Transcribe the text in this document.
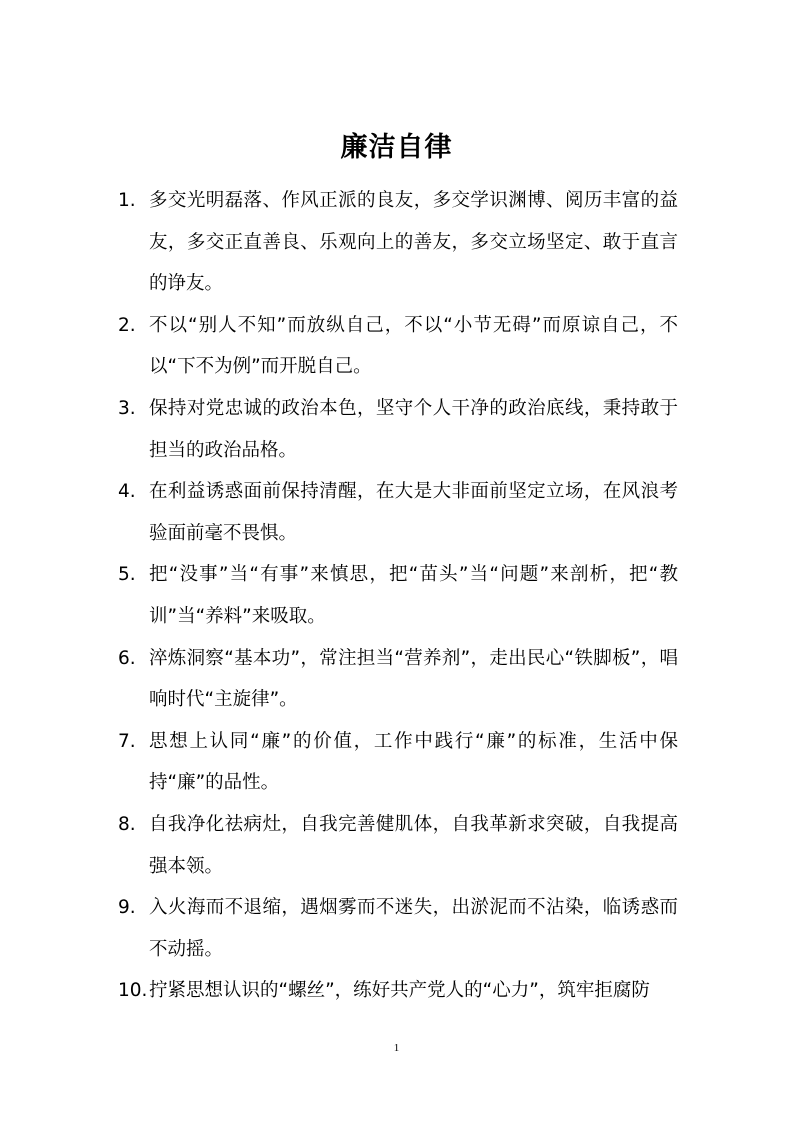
廉洁自律
1. 多交光明磊落、作风正派的良友，多交学识渊博、阅历丰富的益友，多交正直善良、乐观向上的善友，多交立场坚定、敢于直言的诤友。
2. 不以“别人不知”而放纵自己，不以“小节无碍”而原谅自己，不以“下不为例”而开脱自己。
3. 保持对党忠诚的政治本色，坚守个人干净的政治底线，秉持敢于担当的政治品格。
4. 在利益诱惑面前保持清醒，在大是大非面前坚定立场，在风浪考验面前毫不畏惧。
5. 把“没事”当“有事”来慎思，把“苗头”当“问题”来剖析，把“教训”当“养料”来吸取。
6. 淬炼洞察“基本功”，常注担当“营养剂”，走出民心“铁脚板”，唱响时代“主旋律”。
7. 思想上认同“廉”的价值，工作中践行“廉”的标准，生活中保持“廉”的品性。
8. 自我净化祛病灶，自我完善健肌体，自我革新求突破，自我提高强本领。
9. 入火海而不退缩，遇烟雾而不迷失，出淤泥而不沾染，临诱惑而不动摇。
10. 拧紧思想认识的“螺丝”，练好共产党人的“心力”，筑牢拒腐防
1
